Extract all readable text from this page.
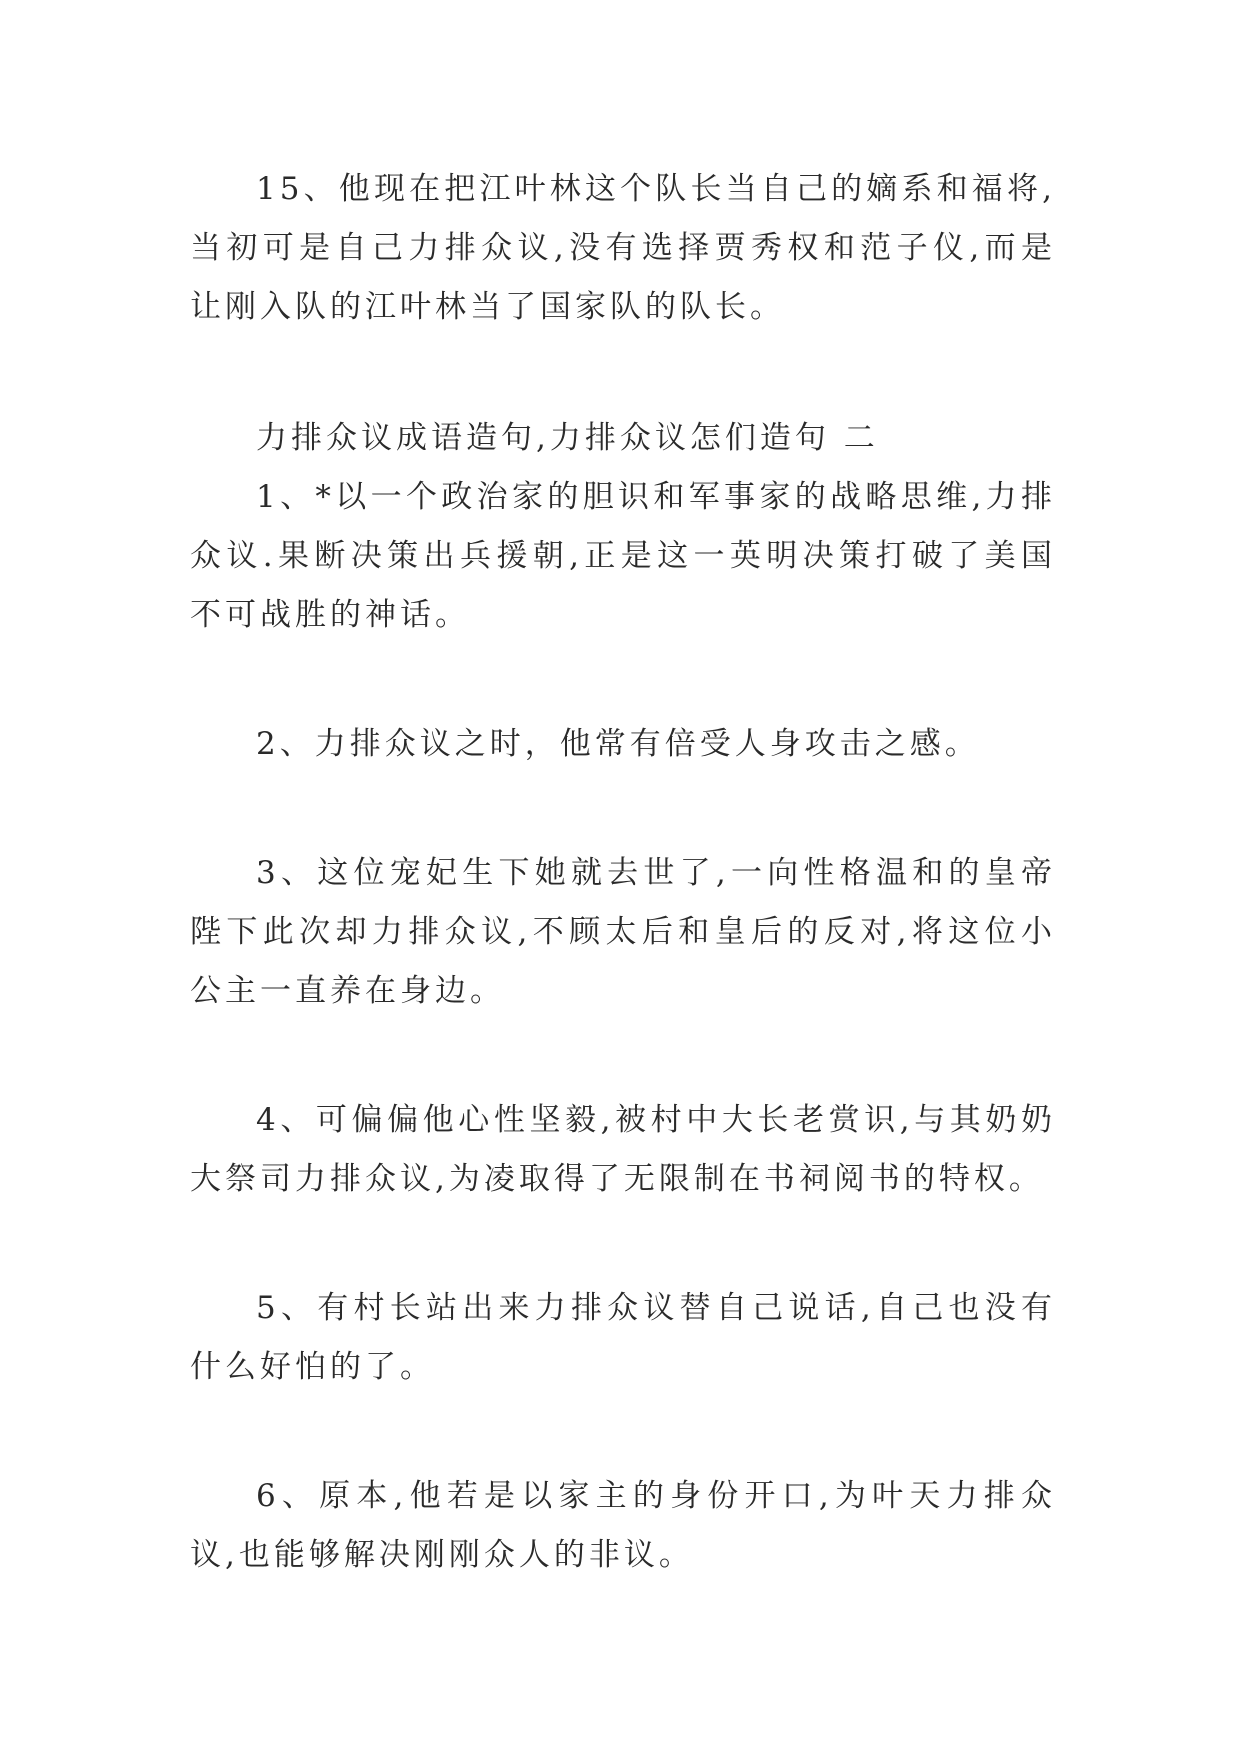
15、他现在把江叶林这个队长当自己的嫡系和福将,当初可是自己力排众议,没有选择贾秀权和范子仪,而是让刚入队的江叶林当了国家队的队长。

力排众议成语造句,力排众议怎们造句 二

1、*以一个政治家的胆识和军事家的战略思维,力排众议.果断决策出兵援朝,正是这一英明决策打破了美国不可战胜的神话。

2、力排众议之时，他常有倍受人身攻击之感。

3、这位宠妃生下她就去世了,一向性格温和的皇帝陛下此次却力排众议,不顾太后和皇后的反对,将这位小公主一直养在身边。

4、可偏偏他心性坚毅,被村中大长老赏识,与其奶奶大祭司力排众议,为凌取得了无限制在书祠阅书的特权。

5、有村长站出来力排众议替自己说话,自己也没有什么好怕的了。

6、原本,他若是以家主的身份开口,为叶天力排众议,也能够解决刚刚众人的非议。
